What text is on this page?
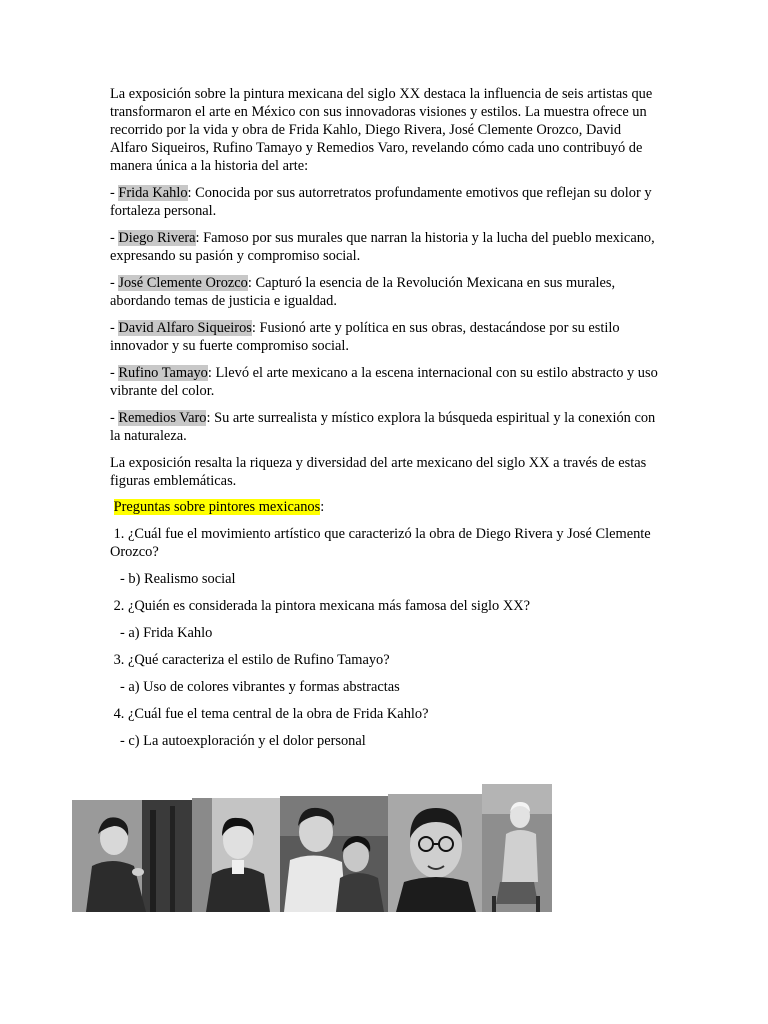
La exposición sobre la pintura mexicana del siglo XX destaca la influencia de seis artistas que transformaron el arte en México con sus innovadoras visiones y estilos. La muestra ofrece un recorrido por la vida y obra de Frida Kahlo, Diego Rivera, José Clemente Orozco, David Alfaro Siqueiros, Rufino Tamayo y Remedios Varo, revelando cómo cada uno contribuyó de manera única a la historia del arte:

- Frida Kahlo: Conocida por sus autorretratos profundamente emotivos que reflejan su dolor y fortaleza personal.

- Diego Rivera: Famoso por sus murales que narran la historia y la lucha del pueblo mexicano, expresando su pasión y compromiso social.

- José Clemente Orozco: Capturó la esencia de la Revolución Mexicana en sus murales, abordando temas de justicia e igualdad.

- David Alfaro Siqueiros: Fusionó arte y política en sus obras, destacándose por su estilo innovador y su fuerte compromiso social.

- Rufino Tamayo: Llevó el arte mexicano a la escena internacional con su estilo abstracto y uso vibrante del color.

- Remedios Varo: Su arte surrealista y místico explora la búsqueda espiritual y la conexión con la naturaleza.

La exposición resalta la riqueza y diversidad del arte mexicano del siglo XX a través de estas figuras emblemáticas.

Preguntas sobre pintores mexicanos:

1. ¿Cuál fue el movimiento artístico que caracterizó la obra de Diego Rivera y José Clemente Orozco?

- b) Realismo social

2. ¿Quién es considerada la pintora mexicana más famosa del siglo XX?

- a) Frida Kahlo

3. ¿Qué caracteriza el estilo de Rufino Tamayo?

- a) Uso de colores vibrantes y formas abstractas

4. ¿Cuál fue el tema central de la obra de Frida Kahlo?

- c) La autoexploración y el dolor personal
